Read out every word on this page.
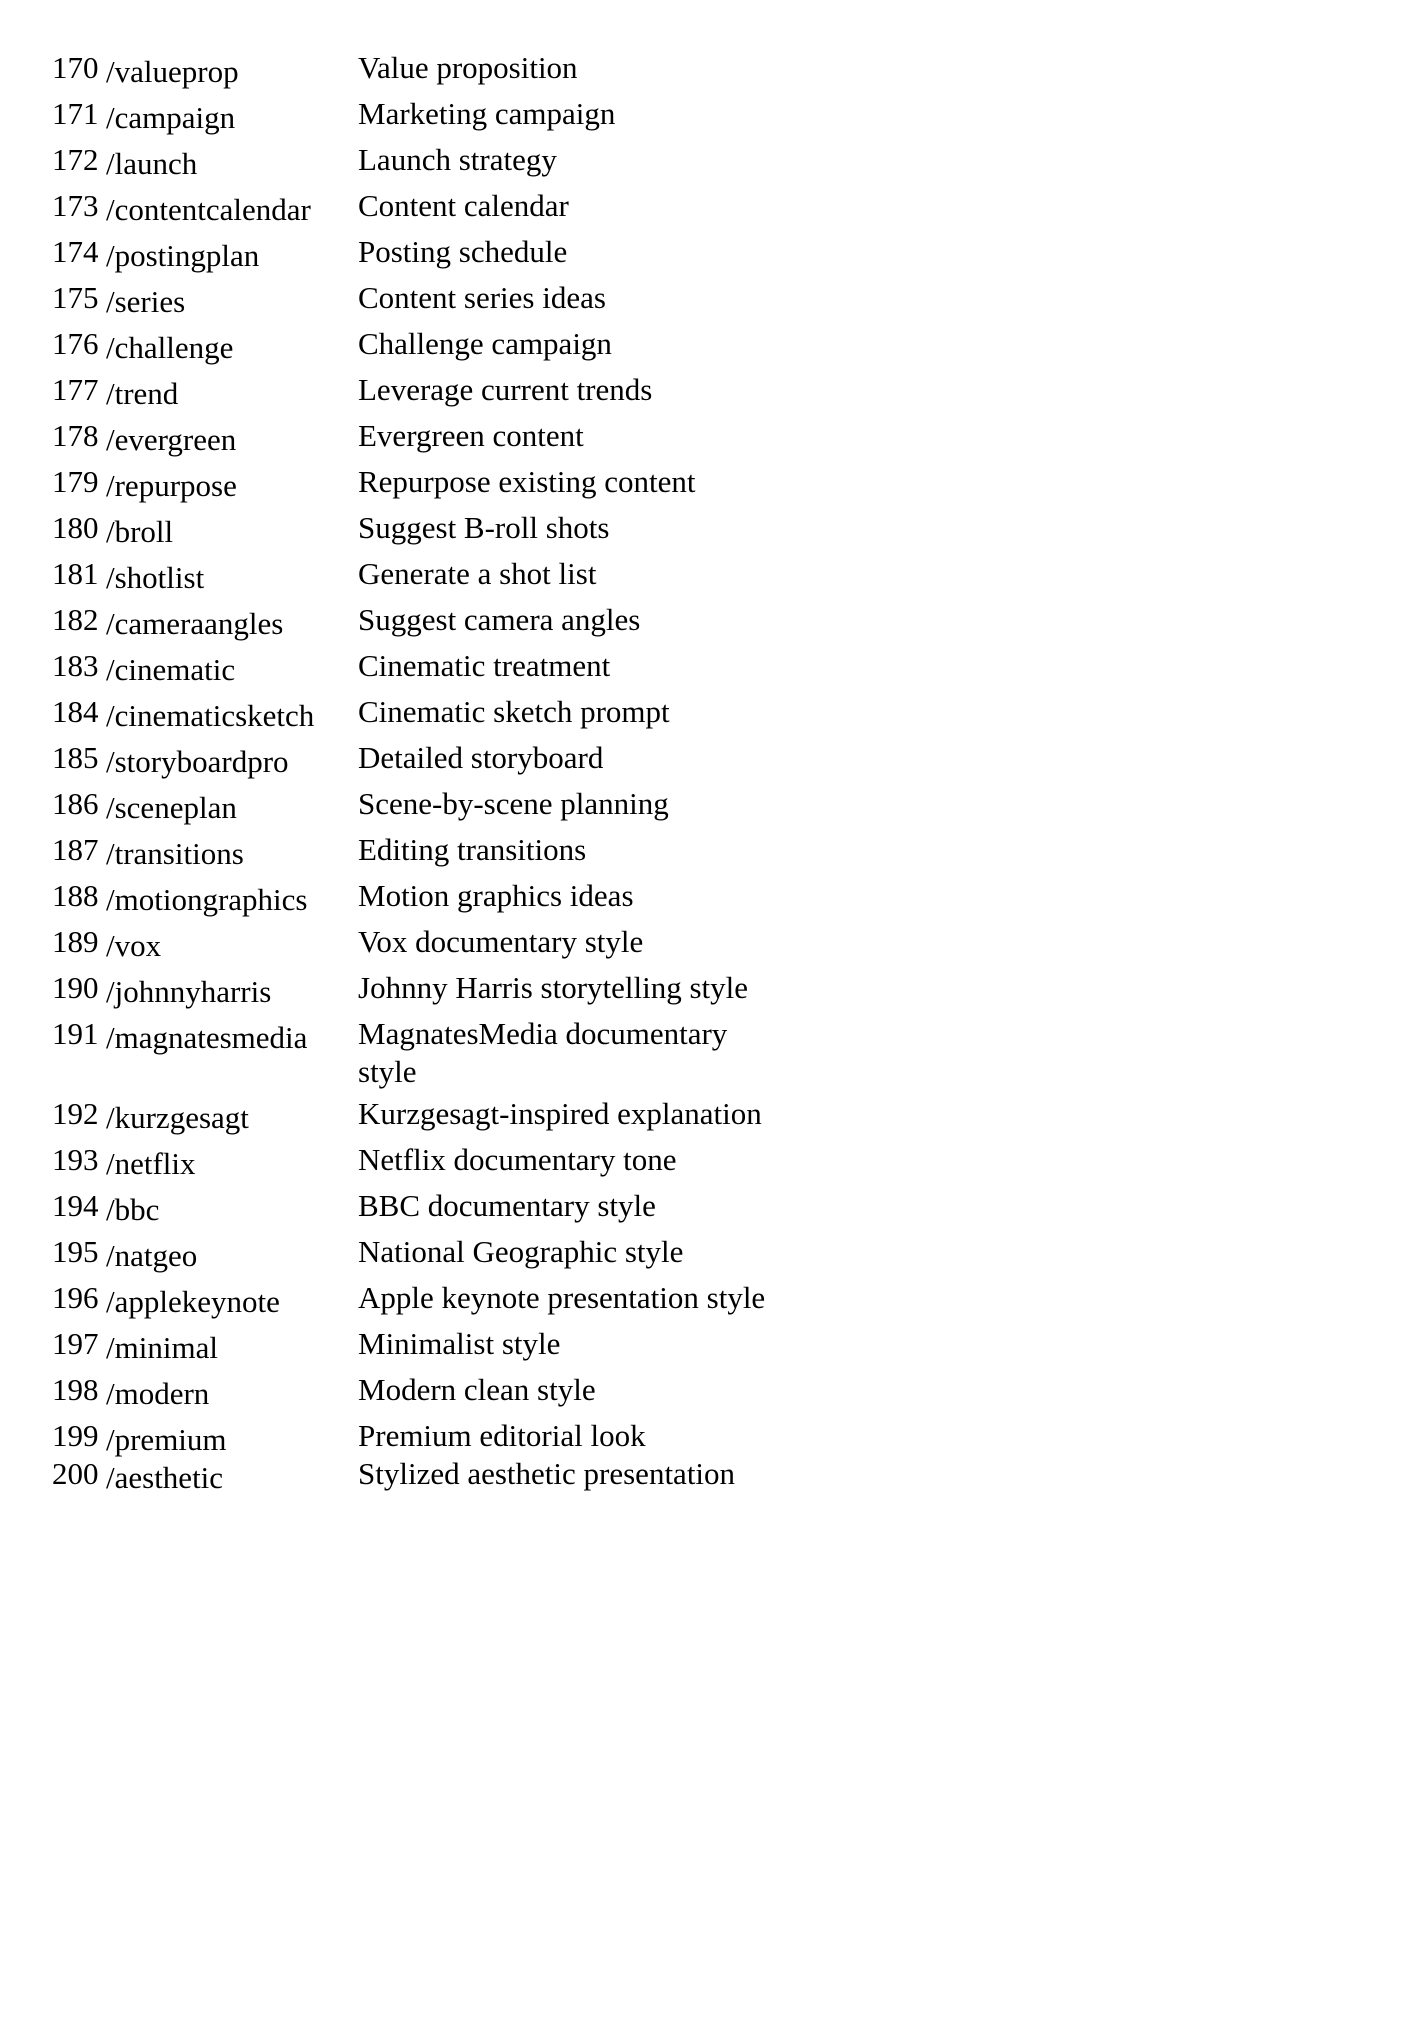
170 /valueprop	Value proposition
171 /campaign	Marketing campaign
172 /launch	Launch strategy
173 /contentcalendar	Content calendar
174 /postingplan	Posting schedule
175 /series	Content series ideas
176 /challenge	Challenge campaign
177 /trend	Leverage current trends
178 /evergreen	Evergreen content
179 /repurpose	Repurpose existing content
180 /broll	Suggest B-roll shots
181 /shotlist	Generate a shot list
182 /cameraangles	Suggest camera angles
183 /cinematic	Cinematic treatment
184 /cinematicsketch	Cinematic sketch prompt
185 /storyboardpro	Detailed storyboard
186 /sceneplan	Scene-by-scene planning
187 /transitions	Editing transitions
188 /motiongraphics	Motion graphics ideas
189 /vox	Vox documentary style
190 /johnnyharris	Johnny Harris storytelling style
191 /magnatesmedia	MagnatesMedia documentary style
192 /kurzgesagt	Kurzgesagt-inspired explanation
193 /netflix	Netflix documentary tone
194 /bbc	BBC documentary style
195 /natgeo	National Geographic style
196 /applekeynote	Apple keynote presentation style
197 /minimal	Minimalist style
198 /modern	Modern clean style
199 /premium	Premium editorial look
200 /aesthetic	Stylized aesthetic presentation
